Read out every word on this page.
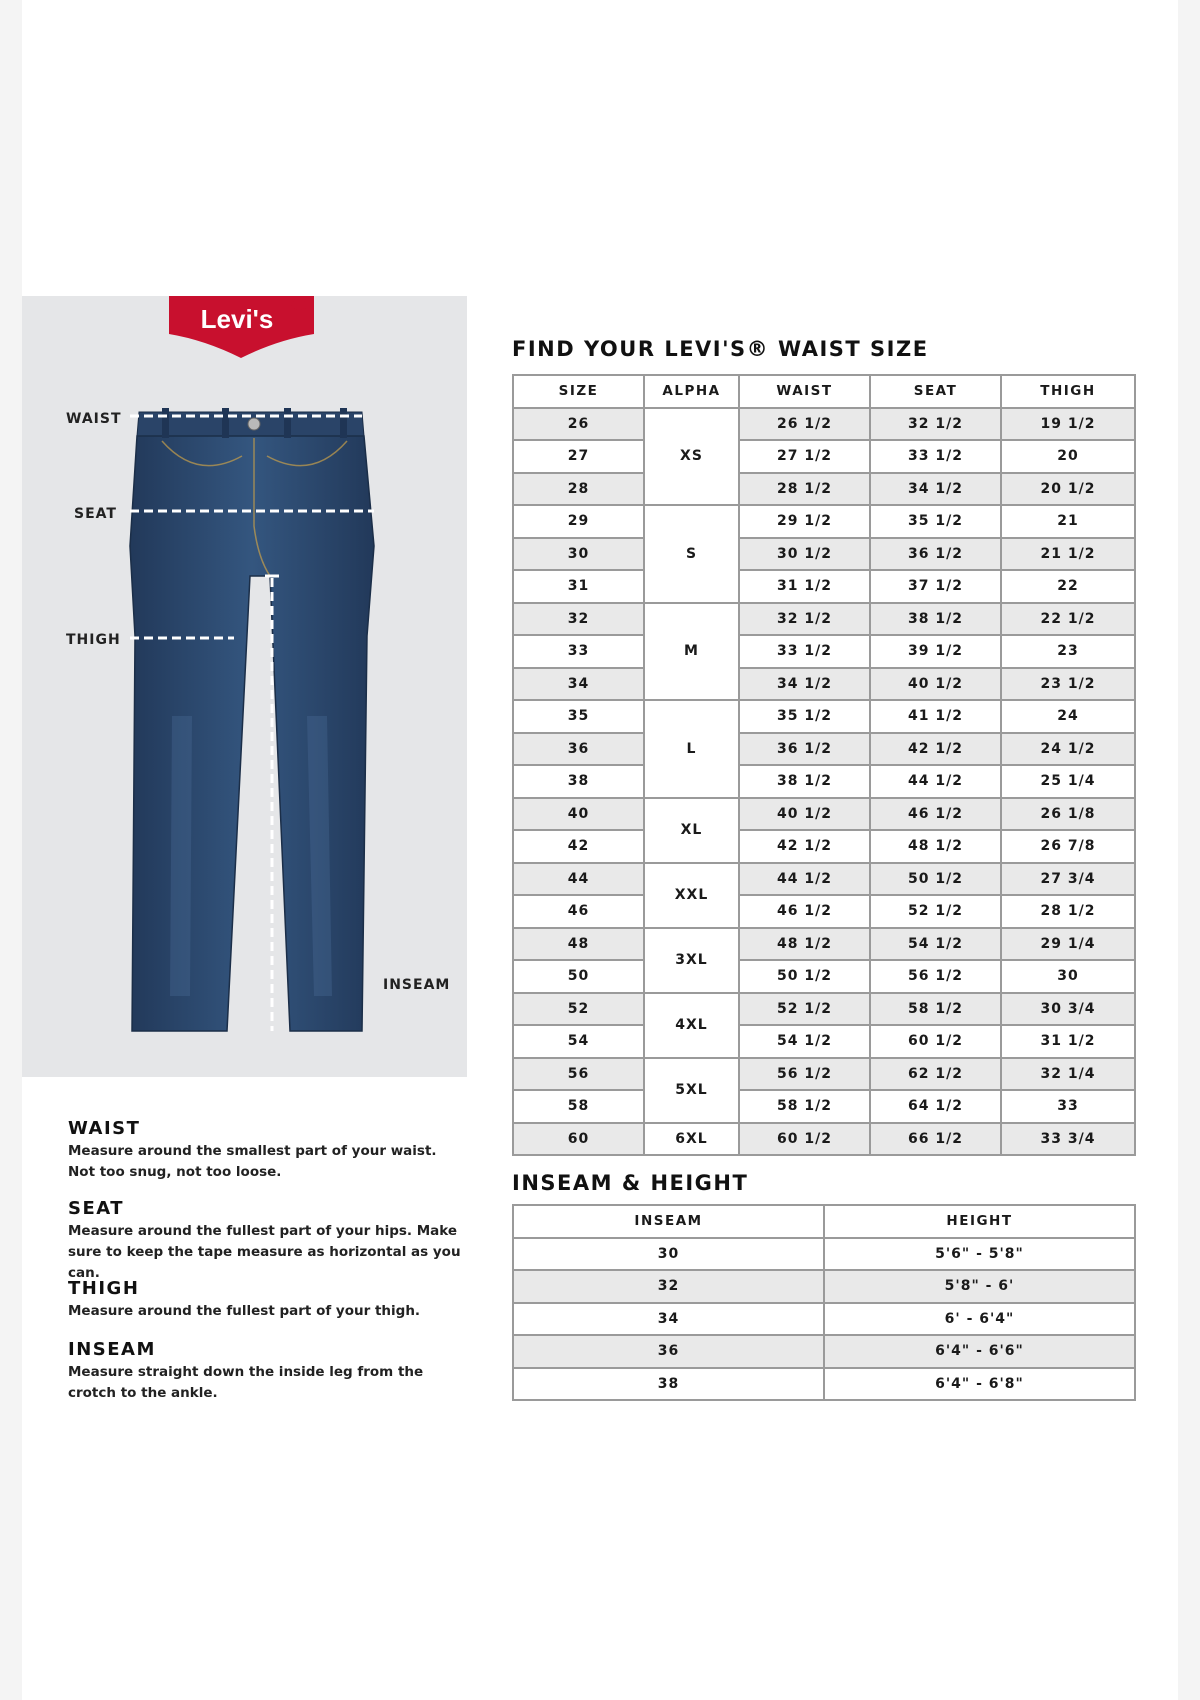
Levi's
WAIST
SEAT
THIGH
INSEAM
WAIST

Measure around the smallest part of your waist. Not too snug, not too loose.

SEAT

Measure around the fullest part of your hips. Make sure to keep the tape measure as horizontal as you can.

THIGH

Measure around the fullest part of your thigh.

INSEAM

Measure straight down the inside leg from the crotch to the ankle.

FIND YOUR LEVI'S® WAIST SIZE
SIZE	ALPHA	WAIST	SEAT	THIGH
26	XS	26 1/2	32 1/2	19 1/2
27		27 1/2	33 1/2	20
28		28 1/2	34 1/2	20 1/2
29	S	29 1/2	35 1/2	21
30		30 1/2	36 1/2	21 1/2
31		31 1/2	37 1/2	22
32	M	32 1/2	38 1/2	22 1/2
33		33 1/2	39 1/2	23
34		34 1/2	40 1/2	23 1/2
35	L	35 1/2	41 1/2	24
36		36 1/2	42 1/2	24 1/2
38		38 1/2	44 1/2	25 1/4
40	XL	40 1/2	46 1/2	26 1/8
42		42 1/2	48 1/2	26 7/8
44	XXL	44 1/2	50 1/2	27 3/4
46		46 1/2	52 1/2	28 1/2
48	3XL	48 1/2	54 1/2	29 1/4
50		50 1/2	56 1/2	30
52	4XL	52 1/2	58 1/2	30 3/4
54		54 1/2	60 1/2	31 1/2
56	5XL	56 1/2	62 1/2	32 1/4
58		58 1/2	64 1/2	33
60	6XL	60 1/2	66 1/2	33 3/4
INSEAM & HEIGHT
INSEAM	HEIGHT
30	5'6" - 5'8"
32	5'8" - 6'
34	6' - 6'4"
36	6'4" - 6'6"
38	6'4" - 6'8"
